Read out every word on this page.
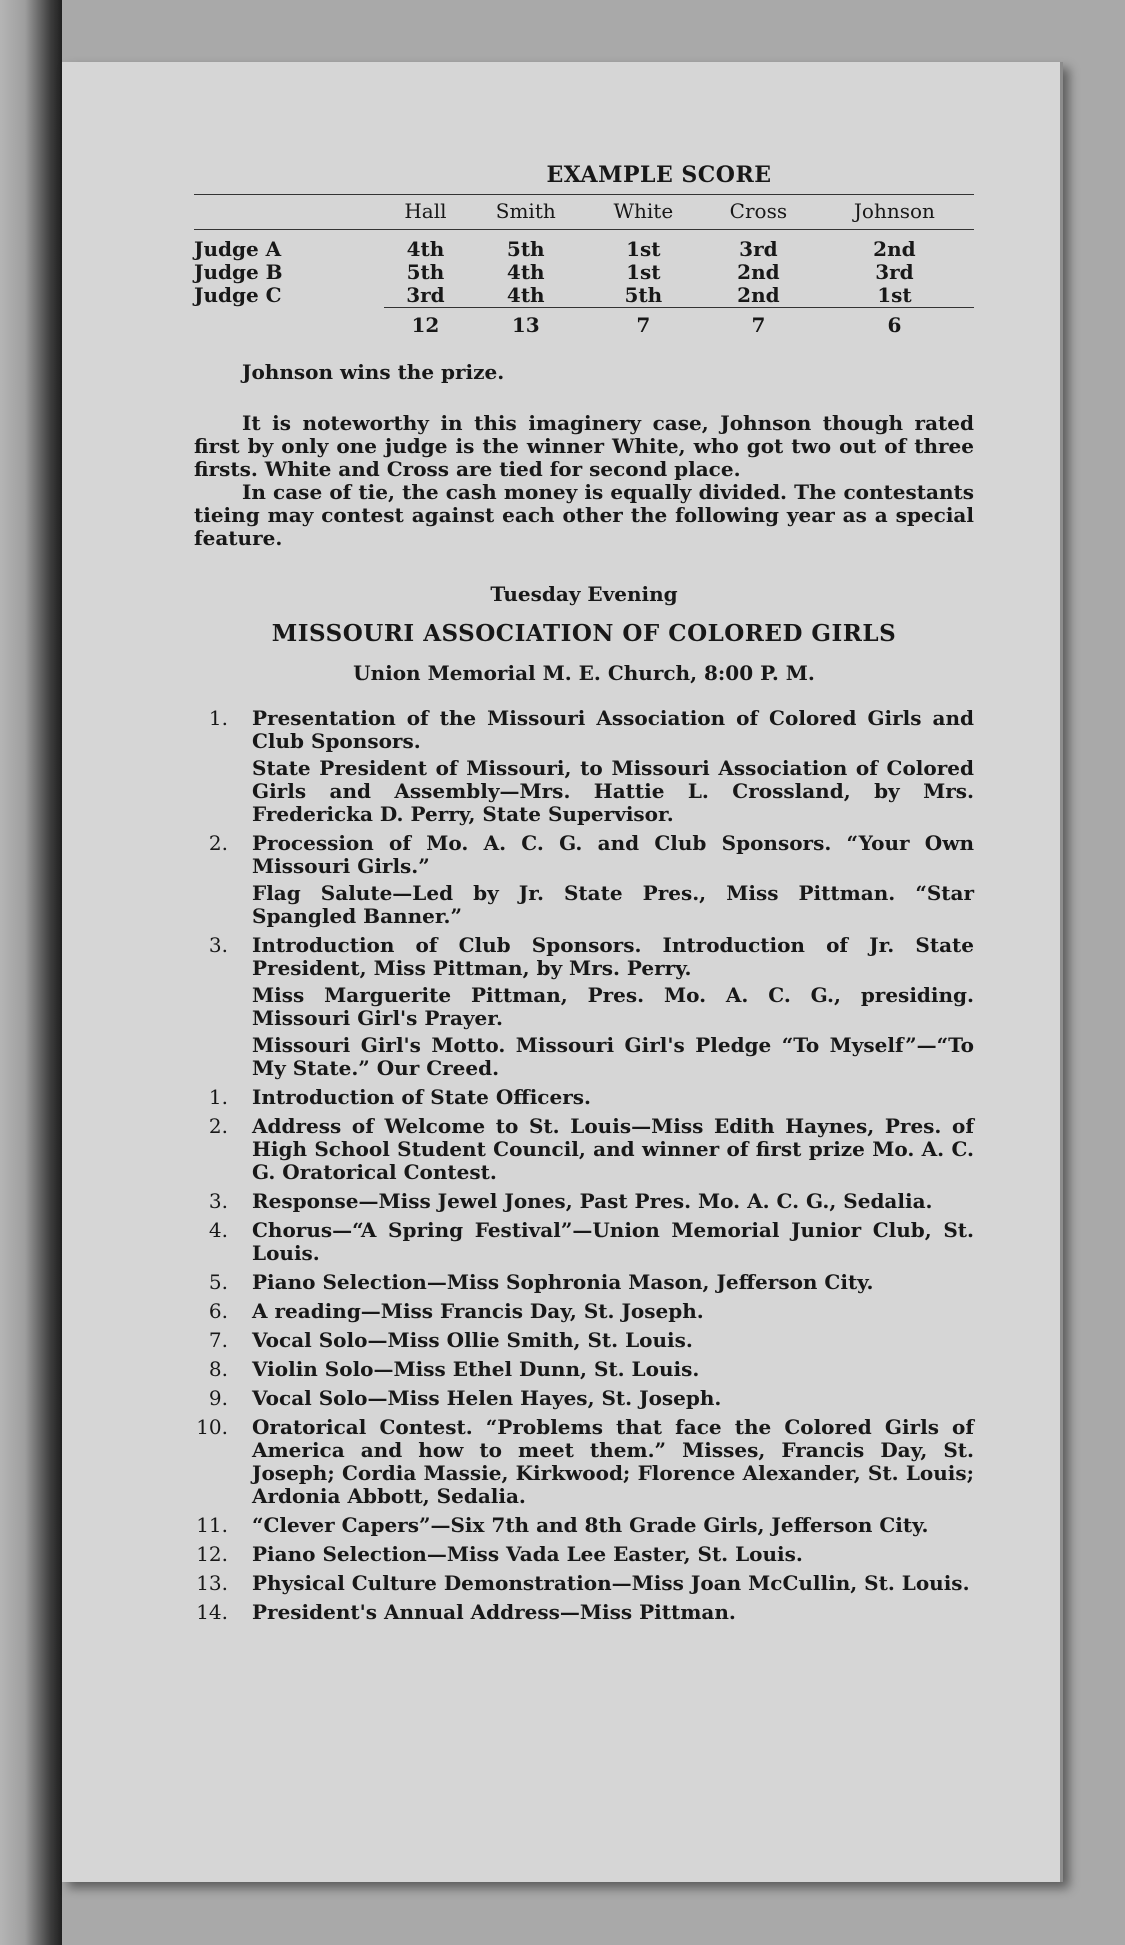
EXAMPLE SCORE
	Hall	Smith	White	Cross	Johnson
Judge A	4th	5th	1st	3rd	2nd
Judge B	5th	4th	1st	2nd	3rd
Judge C	3rd	4th	5th	2nd	1st
	12	13	7	7	6

Johnson wins the prize.

It is noteworthy in this imaginery case, Johnson though rated first by only one judge is the winner White, who got two out of three firsts. White and Cross are tied for second place.

In case of tie, the cash money is equally divided. The contestants tieing may contest against each other the following year as a special feature.

Tuesday Evening
MISSOURI ASSOCIATION OF COLORED GIRLS
Union Memorial M. E. Church, 8:00 P. M.
1. Presentation of the Missouri Association of Colored Girls and Club Sponsors.
State President of Missouri, to Missouri Association of Colored Girls and Assembly—Mrs. Hattie L. Crossland, by Mrs. Fredericka D. Perry, State Supervisor.
2. Procession of Mo. A. C. G. and Club Sponsors. “Your Own Missouri Girls.”
Flag Salute—Led by Jr. State Pres., Miss Pittman. “Star Spangled Banner.”
3. Introduction of Club Sponsors. Introduction of Jr. State President, Miss Pittman, by Mrs. Perry.
Miss Marguerite Pittman, Pres. Mo. A. C. G., presiding. Missouri Girl's Prayer.
Missouri Girl's Motto. Missouri Girl's Pledge “To Myself”—“To My State.” Our Creed.
1. Introduction of State Officers.
2. Address of Welcome to St. Louis—Miss Edith Haynes, Pres. of High School Student Council, and winner of first prize Mo. A. C. G. Oratorical Contest.
3. Response—Miss Jewel Jones, Past Pres. Mo. A. C. G., Sedalia.
4. Chorus—“A Spring Festival”—Union Memorial Junior Club, St. Louis.
5. Piano Selection—Miss Sophronia Mason, Jefferson City.
6. A reading—Miss Francis Day, St. Joseph.
7. Vocal Solo—Miss Ollie Smith, St. Louis.
8. Violin Solo—Miss Ethel Dunn, St. Louis.
9. Vocal Solo—Miss Helen Hayes, St. Joseph.
10. Oratorical Contest. “Problems that face the Colored Girls of America and how to meet them.” Misses, Francis Day, St. Joseph; Cordia Massie, Kirkwood; Florence Alexander, St. Louis; Ardonia Abbott, Sedalia.
11. “Clever Capers”—Six 7th and 8th Grade Girls, Jefferson City.
12. Piano Selection—Miss Vada Lee Easter, St. Louis.
13. Physical Culture Demonstration—Miss Joan McCullin, St. Louis.
14. President's Annual Address—Miss Pittman.
